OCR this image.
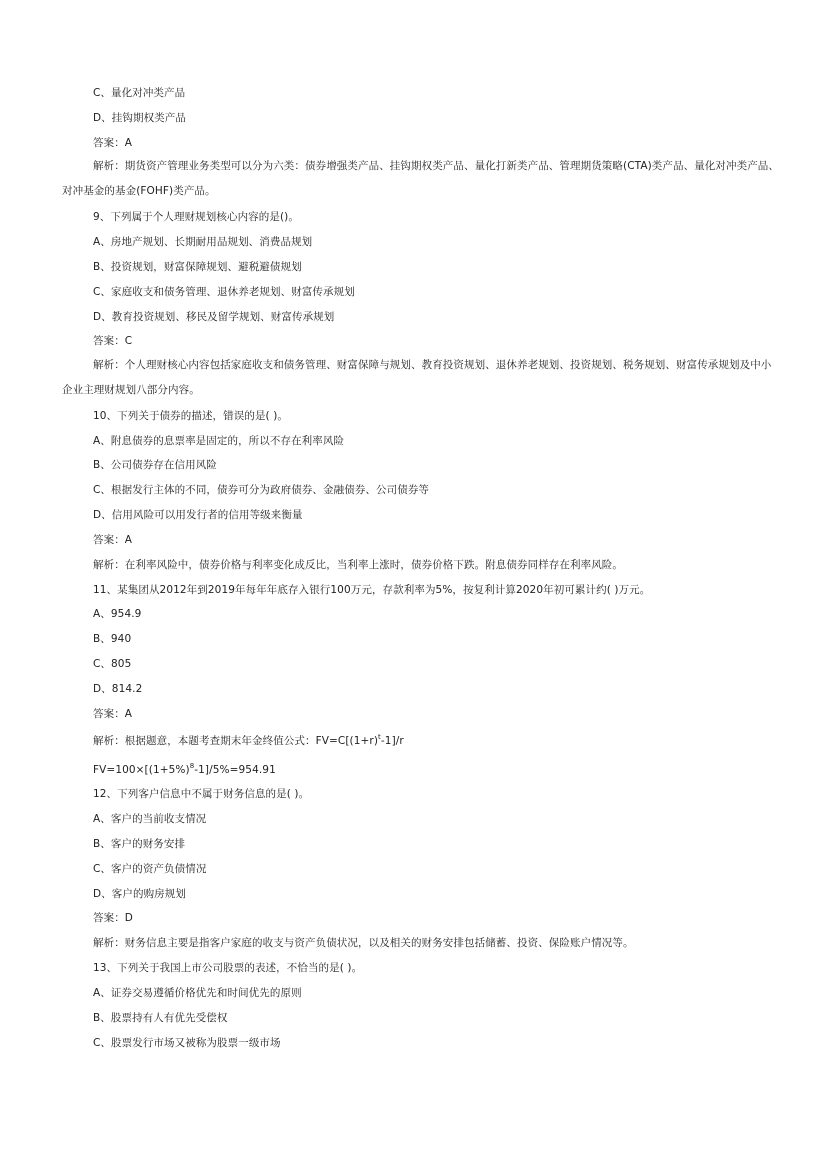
C、量化对冲类产品
D、挂钩期权类产品
答案：A
解析：期货资产管理业务类型可以分为六类：债券增强类产品、挂钩期权类产品、量化打新类产品、管理期货策略(CTA)类产品、量化对冲类产品、对冲基金的基金(FOHF)类产品。
9、下列属于个人理财规划核心内容的是()。
A、房地产规划、长期耐用品规划、消费品规划
B、投资规划，财富保障规划、避税避债规划
C、家庭收支和债务管理、退休养老规划、财富传承规划
D、教育投资规划、移民及留学规划、财富传承规划
答案：C
解析：个人理财核心内容包括家庭收支和债务管理、财富保障与规划、教育投资规划、退休养老规划、投资规划、税务规划、财富传承规划及中小企业主理财规划八部分内容。
10、下列关于债券的描述，错误的是( )。
A、附息债券的息票率是固定的，所以不存在利率风险
B、公司债券存在信用风险
C、根据发行主体的不同，债券可分为政府债券、金融债券、公司债券等
D、信用风险可以用发行者的信用等级来衡量
答案：A
解析：在利率风险中，债券价格与利率变化成反比，当利率上涨时，债券价格下跌。附息债券同样存在利率风险。
11、某集团从2012年到2019年每年年底存入银行100万元，存款利率为5%，按复利计算2020年初可累计约( )万元。
A、954.9
B、940
C、805
D、814.2
答案：A
解析：根据题意，本题考查期末年金终值公式：$FV=C[(1+r)^t-1]/r$
$FV=100\times[(1+5\%)^8-1]/5\%=954.91$
12、下列客户信息中不属于财务信息的是( )。
A、客户的当前收支情况
B、客户的财务安排
C、客户的资产负债情况
D、客户的购房规划
答案：D
解析：财务信息主要是指客户家庭的收支与资产负债状况，以及相关的财务安排包括储蓄、投资、保险账户情况等。
13、下列关于我国上市公司股票的表述，不恰当的是( )。
A、证券交易遵循价格优先和时间优先的原则
B、股票持有人有优先受偿权
C、股票发行市场又被称为股票一级市场
